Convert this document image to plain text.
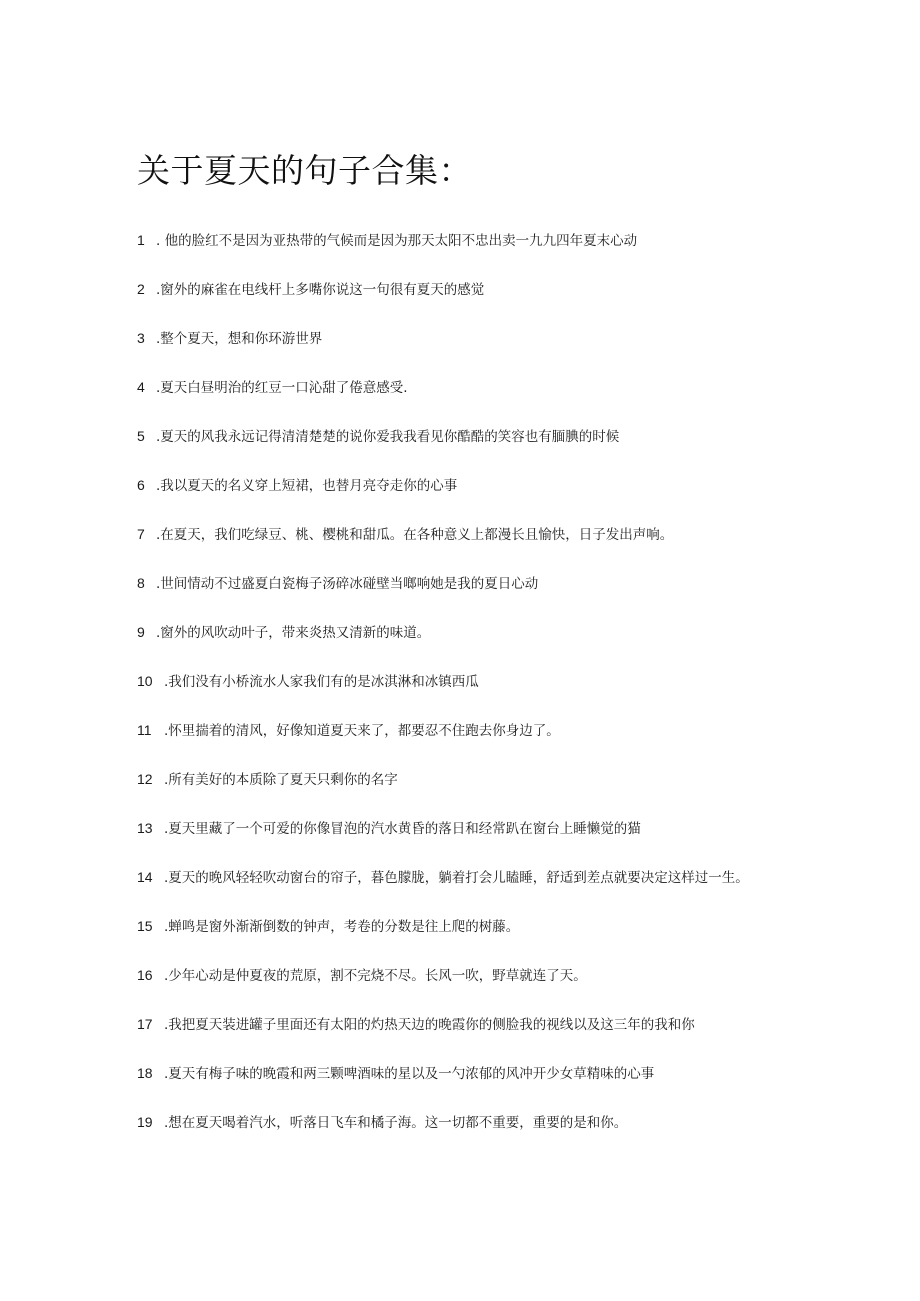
关于夏天的句子合集：
1 . 他的脸红不是因为亚热带的气候而是因为那天太阳不忠出卖一九九四年夏末心动
2 .窗外的麻雀在电线杆上多嘴你说这一句很有夏天的感觉
3 .整个夏天，想和你环游世界
4 .夏天白昼明治的红豆一口沁甜了倦意感受.
5 .夏天的风我永远记得清清楚楚的说你爱我我看见你酷酷的笑容也有腼腆的时候
6 .我以夏天的名义穿上短裙，也替月亮夺走你的心事
7 .在夏天，我们吃绿豆、桃、樱桃和甜瓜。在各种意义上都漫长且愉快，日子发出声响。
8 .世间情动不过盛夏白瓷梅子汤碎冰碰壁当啷响她是我的夏日心动
9 .窗外的风吹动叶子，带来炎热又清新的味道。
10 .我们没有小桥流水人家我们有的是冰淇淋和冰镇西瓜
11 .怀里揣着的清风，好像知道夏天来了，都要忍不住跑去你身边了。
12 .所有美好的本质除了夏天只剩你的名字
13 .夏天里藏了一个可爱的你像冒泡的汽水黄昏的落日和经常趴在窗台上睡懒觉的猫
14 .夏天的晚风轻轻吹动窗台的帘子，暮色朦胧，躺着打会儿瞌睡，舒适到差点就要决定这样过一生。
15 .蝉鸣是窗外渐渐倒数的钟声，考卷的分数是往上爬的树藤。
16 .少年心动是仲夏夜的荒原，割不完烧不尽。长风一吹，野草就连了天。
17 .我把夏天装进罐子里面还有太阳的灼热天边的晚霞你的侧脸我的视线以及这三年的我和你
18 .夏天有梅子味的晚霞和两三颗啤酒味的星以及一勺浓郁的风冲开少女草精味的心事
19 .想在夏天喝着汽水，听落日飞车和橘子海。这一切都不重要，重要的是和你。
